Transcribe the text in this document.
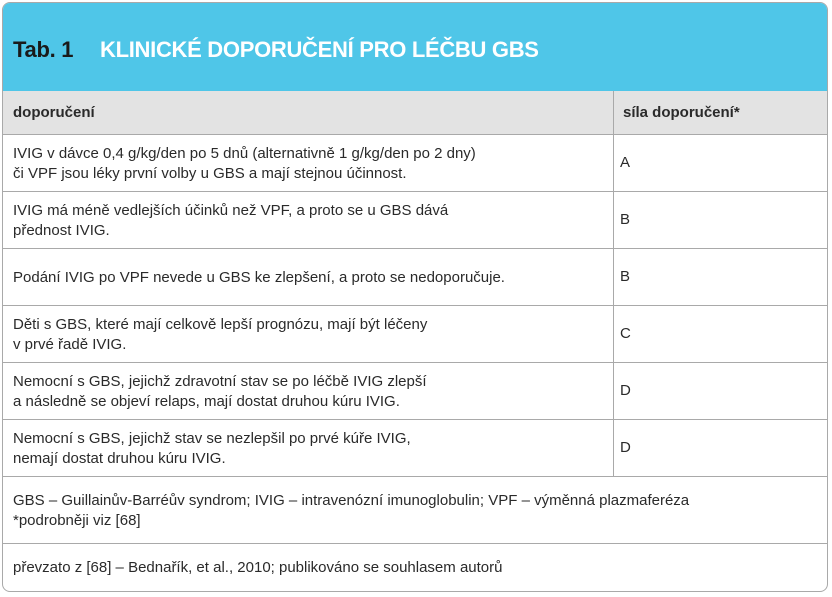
Tab. 1 KLINICKÉ DOPORUČENÍ PRO LÉČBU GBS
doporučení	síla doporučení*
IVIG v dávce 0,4 g/kg/den po 5 dnů (alternativně 1 g/kg/den po 2 dny)
či VPF jsou léky první volby u GBS a mají stejnou účinnost.
A
IVIG má méně vedlejších účinků než VPF, a proto se u GBS dává
přednost IVIG.
B
Podání IVIG po VPF nevede u GBS ke zlepšení, a proto se nedoporučuje.	B
Děti s GBS, které mají celkově lepší prognózu, mají být léčeny
v prvé řadě IVIG.
C
Nemocní s GBS, jejichž zdravotní stav se po léčbě IVIG zlepší
a následně se objeví relaps, mají dostat druhou kúru IVIG.
D
Nemocní s GBS, jejichž stav se nezlepšil po prvé kúře IVIG,
nemají dostat druhou kúru IVIG.
D
GBS – Guillainův-Barréův syndrom; IVIG – intravenózní imunoglobulin; VPF – výměnná plazmaferéza
*podrobněji viz [68]
převzato z [68] – Bednařík, et al., 2010; publikováno se souhlasem autorů
